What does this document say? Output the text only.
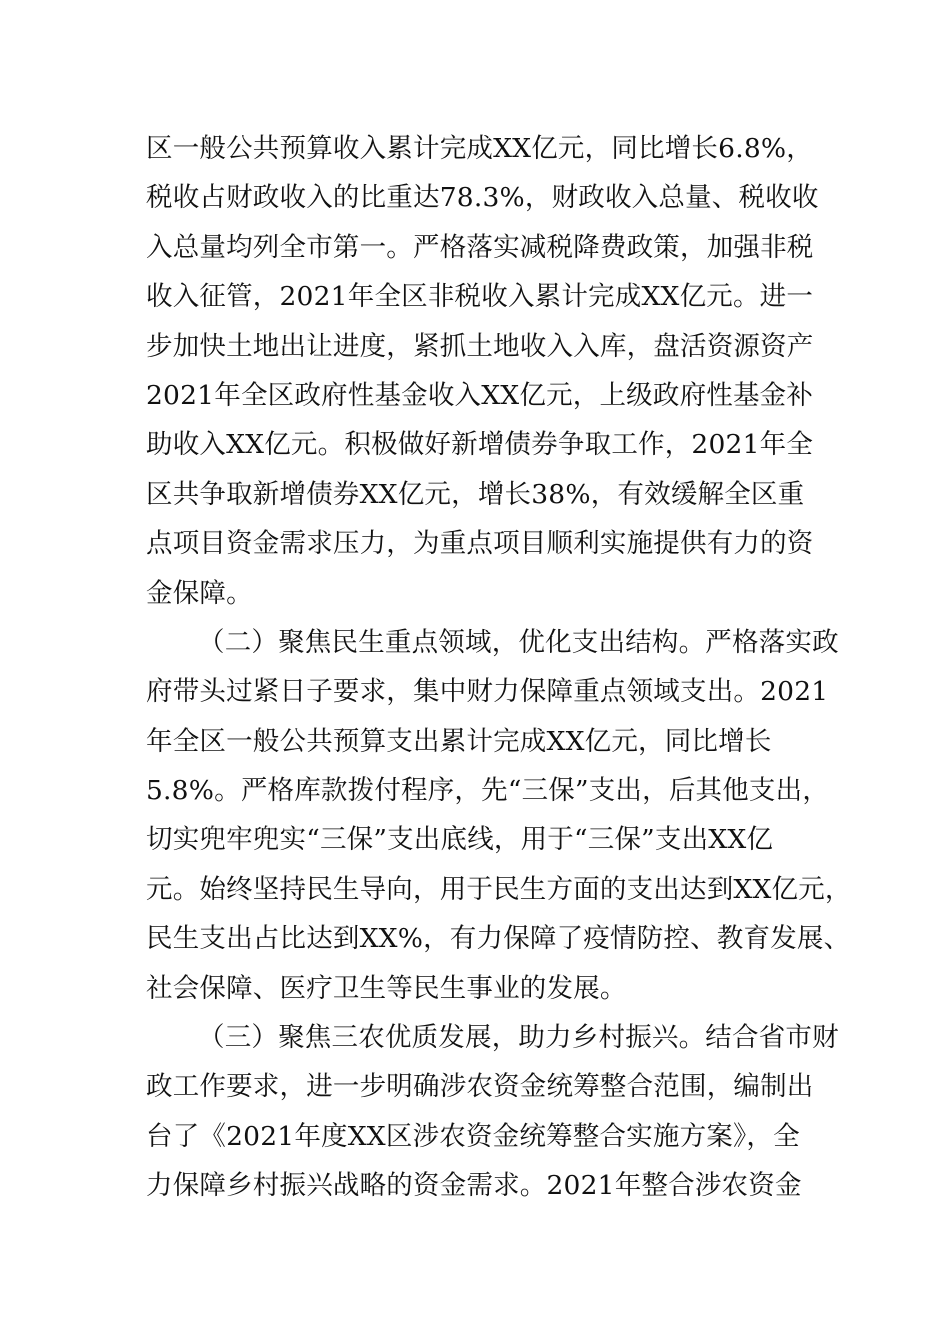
区一般公共预算收入累计完成XX亿元，同比增长6.8%，
税收占财政收入的比重达78.3%，财政收入总量、税收收
入总量均列全市第一。严格落实减税降费政策，加强非税
收入征管，2021年全区非税收入累计完成XX亿元。进一
步加快土地出让进度，紧抓土地收入入库，盘活资源资产
2021年全区政府性基金收入XX亿元，上级政府性基金补
助收入XX亿元。积极做好新增债券争取工作，2021年全
区共争取新增债券XX亿元，增长38%，有效缓解全区重
点项目资金需求压力，为重点项目顺利实施提供有力的资
金保障。
（二）聚焦民生重点领域，优化支出结构。严格落实政
府带头过紧日子要求，集中财力保障重点领域支出。2021
年全区一般公共预算支出累计完成XX亿元，同比增长
5.8%。严格库款拨付程序，先“三保”支出，后其他支出，
切实兜牢兜实“三保”支出底线，用于“三保”支出XX亿
元。始终坚持民生导向，用于民生方面的支出达到XX亿元，
民生支出占比达到XX%，有力保障了疫情防控、教育发展、
社会保障、医疗卫生等民生事业的发展。
（三）聚焦三农优质发展，助力乡村振兴。结合省市财
政工作要求，进一步明确涉农资金统筹整合范围，编制出
台了《2021年度XX区涉农资金统筹整合实施方案》，全
力保障乡村振兴战略的资金需求。2021年整合涉农资金
